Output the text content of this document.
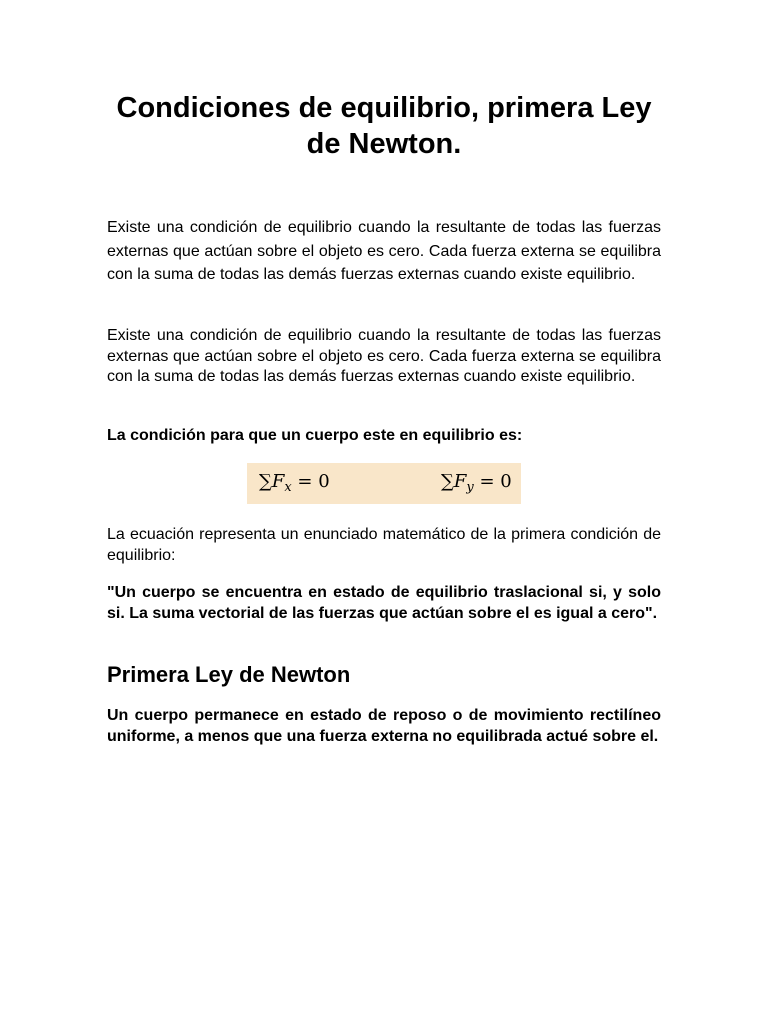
Condiciones de equilibrio, primera Ley de Newton.

Existe una condición de equilibrio cuando la resultante de todas las fuerzas externas que actúan sobre el objeto es cero. Cada fuerza externa se equilibra con la suma de todas las demás fuerzas externas cuando existe equilibrio.

Existe una condición de equilibrio cuando la resultante de todas las fuerzas externas que actúan sobre el objeto es cero. Cada fuerza externa se equilibra con la suma de todas las demás fuerzas externas cuando existe equilibrio.

La condición para que un cuerpo este en equilibrio es:

$\sum F_x = 0$	$\sum F_y = 0$

La ecuación representa un enunciado matemático de la primera condición de equilibrio:

"Un cuerpo se encuentra en estado de equilibrio traslacional si, y solo si. La suma vectorial de las fuerzas que actúan sobre el es igual a cero".

Primera Ley de Newton

Un cuerpo permanece en estado de reposo o de movimiento rectilíneo uniforme, a menos que una fuerza externa no equilibrada actué sobre el.
